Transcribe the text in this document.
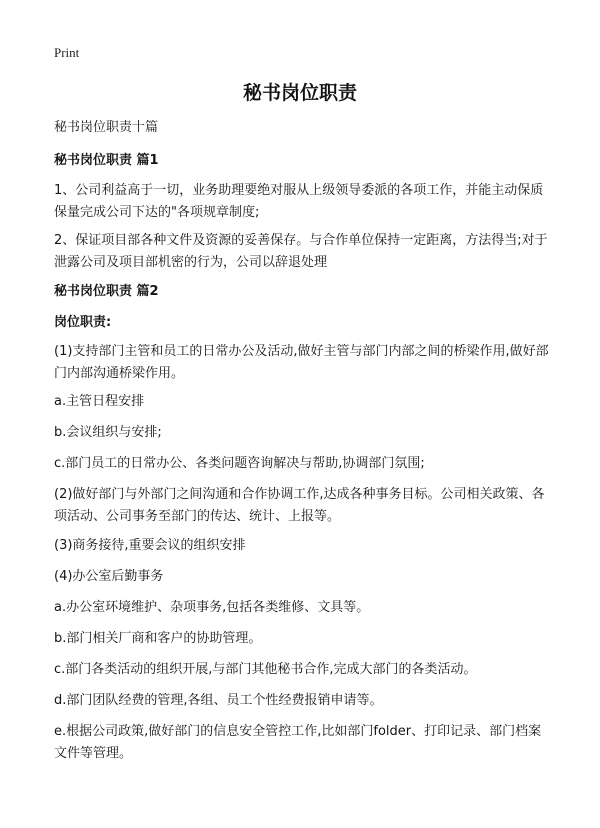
Print
秘书岗位职责
秘书岗位职责十篇
秘书岗位职责 篇1
1、公司利益高于一切，业务助理要绝对服从上级领导委派的各项工作，并能主动保质保量完成公司下达的"各项规章制度;
2、保证项目部各种文件及资源的妥善保存。与合作单位保持一定距离，方法得当;对于泄露公司及项目部机密的行为，公司以辞退处理
秘书岗位职责 篇2
岗位职责:
(1)支持部门主管和员工的日常办公及活动,做好主管与部门内部之间的桥梁作用,做好部门内部沟通桥梁作用。
a.主管日程安排
b.会议组织与安排;
c.部门员工的日常办公、各类问题咨询解决与帮助,协调部门氛围;
(2)做好部门与外部门之间沟通和合作协调工作,达成各种事务目标。公司相关政策、各项活动、公司事务至部门的传达、统计、上报等。
(3)商务接待,重要会议的组织安排
(4)办公室后勤事务
a.办公室环境维护、杂项事务,包括各类维修、文具等。
b.部门相关厂商和客户的协助管理。
c.部门各类活动的组织开展,与部门其他秘书合作,完成大部门的各类活动。
d.部门团队经费的管理,各组、员工个性经费报销申请等。
e.根据公司政策,做好部门的信息安全管控工作,比如部门folder、打印记录、部门档案文件等管理。
